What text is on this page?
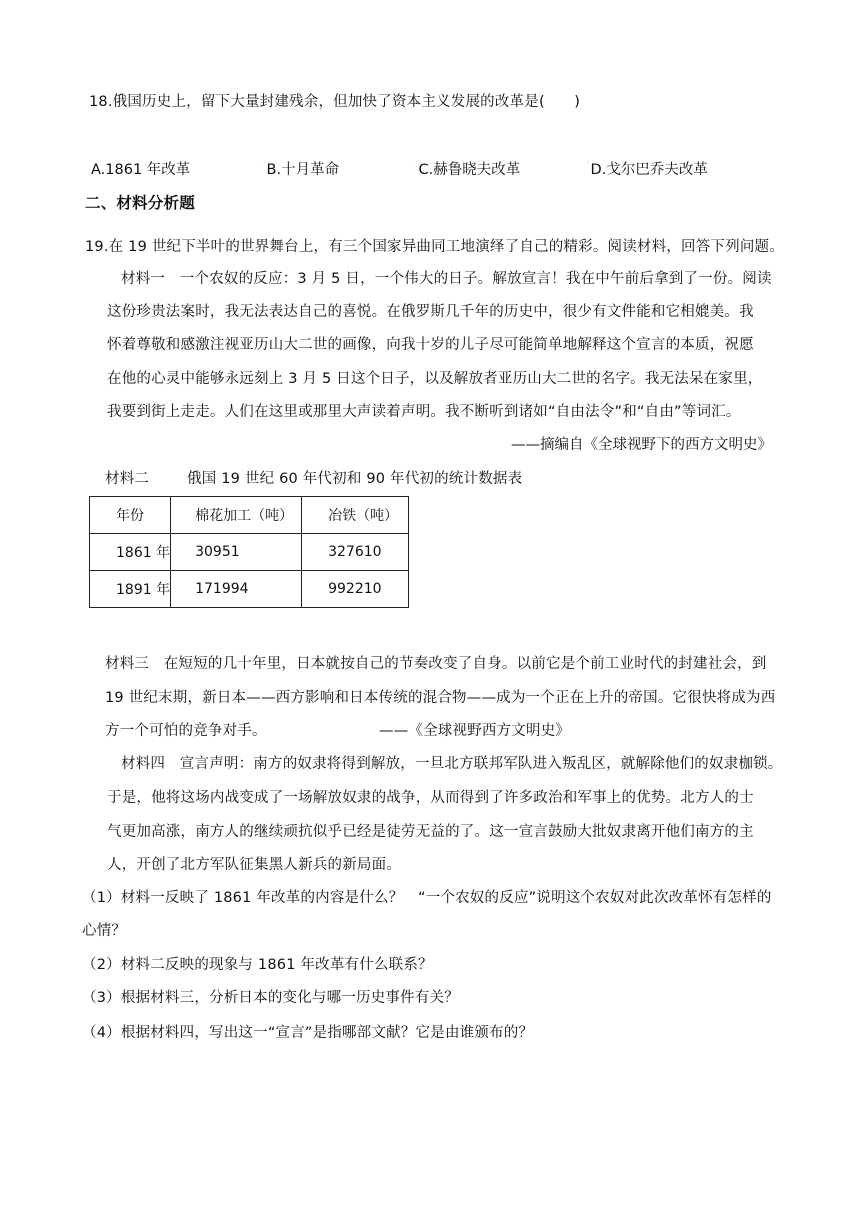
18.俄国历史上，留下大量封建残余，但加快了资本主义发展的改革是(　　)
A.1861 年改革	·B.十月革命	·C.赫鲁晓夫改革	·D.戈尔巴乔夫改革
二、材料分析题
19.在 19 世纪下半叶的世界舞台上，有三个国家异曲同工地演绎了自己的精彩。阅读材料，回答下列问题。
材料一　一个农奴的反应：3 月 5 日，一个伟大的日子。解放宣言！我在中午前后拿到了一份。阅读
这份珍贵法案时，我无法表达自己的喜悦。在俄罗斯几千年的历史中，很少有文件能和它相媲美。我
怀着尊敬和感激注视亚历山大二世的画像，向我十岁的儿子尽可能简单地解释这个宣言的本质，祝愿
在他的心灵中能够永远刻上 3 月 5 日这个日子，以及解放者亚历山大二世的名字。我无法呆在家里，
我要到街上走走。人们在这里或那里大声读着声明。我不断听到诸如“自由法令”和“自由”等词汇。
——摘编自《全球视野下的西方文明史》
材料二	俄国 19 世纪 60 年代初和 90 年代初的统计数据表
年份	棉花加工（吨）	冶铁（吨）
1861 年	30951	327610
1891 年	171994	992210
材料三　在短短的几十年里，日本就按自己的节奏改变了自身。以前它是个前工业时代的封建社会，到
19 世纪末期，新日本——西方影响和日本传统的混合物——成为一个正在上升的帝国。它很快将成为西
方一个可怕的竞争对手。	——《全球视野西方文明史》
材料四　宣言声明：南方的奴隶将得到解放，一旦北方联邦军队进入叛乱区，就解除他们的奴隶枷锁。
于是，他将这场内战变成了一场解放奴隶的战争，从而得到了许多政治和军事上的优势。北方人的士
气更加高涨，南方人的继续顽抗似乎已经是徒劳无益的了。这一宣言鼓励大批奴隶离开他们南方的主
人，开创了北方军队征集黑人新兵的新局面。
（1）材料一反映了 1861 年改革的内容是什么？　“一个农奴的反应”说明这个农奴对此次改革怀有怎样的
心情？
（2）材料二反映的现象与 1861 年改革有什么联系？
（3）根据材料三，分析日本的变化与哪一历史事件有关？
（4）根据材料四，写出这一“宣言”是指哪部文献？它是由谁颁布的？
